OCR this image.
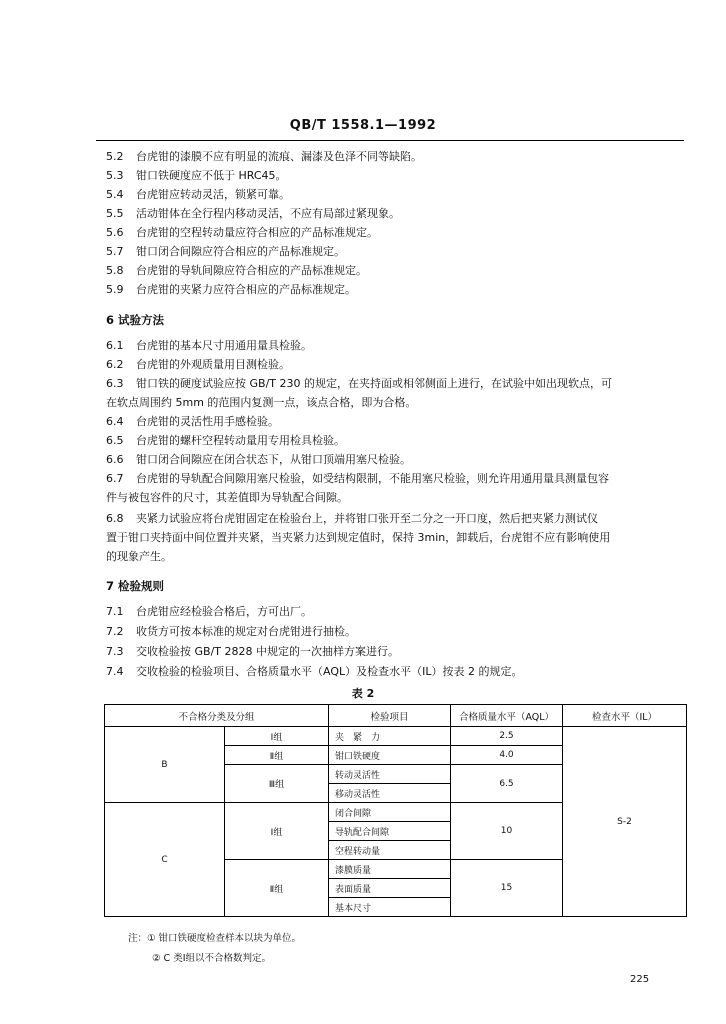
QB/T 1558.1—1992
5.2 台虎钳的漆膜不应有明显的流痕、漏漆及色泽不同等缺陷。
5.3 钳口铁硬度应不低于 HRC45。
5.4 台虎钳应转动灵活，锁紧可靠。
5.5 活动钳体在全行程内移动灵活，不应有局部过紧现象。
5.6 台虎钳的空程转动量应符合相应的产品标准规定。
5.7 钳口闭合间隙应符合相应的产品标准规定。
5.8 台虎钳的导轨间隙应符合相应的产品标准规定。
5.9 台虎钳的夹紧力应符合相应的产品标准规定。
6 试验方法
6.1 台虎钳的基本尺寸用通用量具检验。
6.2 台虎钳的外观质量用目测检验。
6.3 钳口铁的硬度试验应按 GB/T 230 的规定，在夹持面或相邻侧面上进行，在试验中如出现软点，可
在软点周围约 5mm 的范围内复测一点，该点合格，即为合格。
6.4 台虎钳的灵活性用手感检验。
6.5 台虎钳的螺杆空程转动量用专用检具检验。
6.6 钳口闭合间隙应在闭合状态下，从钳口顶端用塞尺检验。
6.7 台虎钳的导轨配合间隙用塞尺检验，如受结构限制，不能用塞尺检验，则允许用通用量具测量包容
件与被包容件的尺寸，其差值即为导轨配合间隙。
6.8 夹紧力试验应将台虎钳固定在检验台上，并将钳口张开至二分之一开口度，然后把夹紧力测试仪
置于钳口夹持面中间位置并夹紧，当夹紧力达到规定值时，保持 3min，卸载后，台虎钳不应有影响使用
的现象产生。
7 检验规则
7.1 台虎钳应经检验合格后，方可出厂。
7.2 收货方可按本标准的规定对台虎钳进行抽检。
7.3 交收检验按 GB/T 2828 中规定的一次抽样方案进行。
7.4 交收检验的检验项目、合格质量水平（AQL）及检查水平（IL）按表 2 的规定。
表 2
不合格分类及分组		检验项目	合格质量水平（AQL）	检查水平（IL）
B	Ⅰ组	夹　紧　力	2.5	S-2
	Ⅱ组	钳口铁硬度	4.0	
	Ⅲ组	转动灵活性	6.5	
		移动灵活性		
C	Ⅰ组	闭合间隙	10	
		导轨配合间隙		
		空程转动量		
	Ⅱ组	漆膜质量	15	
		表面质量		
		基本尺寸		
注：① 钳口铁硬度检查样本以块为单位。
② C 类Ⅰ组以不合格数判定。
225
